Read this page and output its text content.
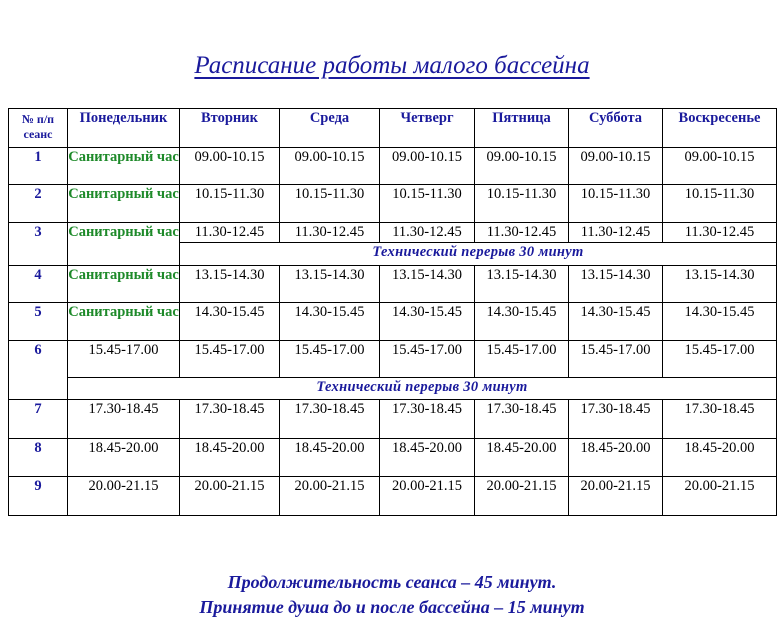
Расписание работы малого бассейна
№ п/п сеанс	Понедельник	Вторник	Среда	Четверг	Пятница	Суббота	Воскресенье
1	Санитарный час	09.00-10.15	09.00-10.15	09.00-10.15	09.00-10.15	09.00-10.15	09.00-10.15
2	Санитарный час	10.15-11.30	10.15-11.30	10.15-11.30	10.15-11.30	10.15-11.30	10.15-11.30
3	Санитарный час	11.30-12.45	11.30-12.45	11.30-12.45	11.30-12.45	11.30-12.45	11.30-12.45
		Технический перерыв 30 минут					
4	Санитарный час	13.15-14.30	13.15-14.30	13.15-14.30	13.15-14.30	13.15-14.30	13.15-14.30
5	Санитарный час	14.30-15.45	14.30-15.45	14.30-15.45	14.30-15.45	14.30-15.45	14.30-15.45
6	15.45-17.00	15.45-17.00	15.45-17.00	15.45-17.00	15.45-17.00	15.45-17.00	15.45-17.00
	Технический перерыв 30 минут						
7	17.30-18.45	17.30-18.45	17.30-18.45	17.30-18.45	17.30-18.45	17.30-18.45	17.30-18.45
8	18.45-20.00	18.45-20.00	18.45-20.00	18.45-20.00	18.45-20.00	18.45-20.00	18.45-20.00
9	20.00-21.15	20.00-21.15	20.00-21.15	20.00-21.15	20.00-21.15	20.00-21.15	20.00-21.15
Продолжительность сеанса – 45 минут.
Принятие душа до и после бассейна – 15 минут
